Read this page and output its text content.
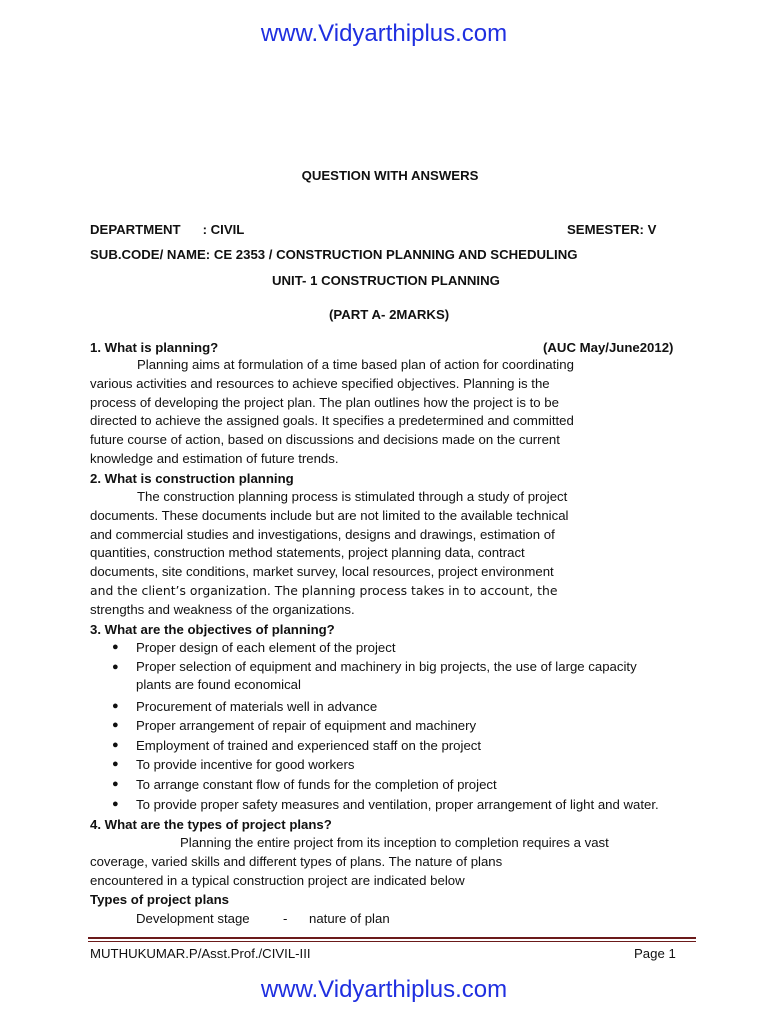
www.Vidyarthiplus.com
QUESTION WITH ANSWERS
DEPARTMENT      : CIVIL	SEMESTER: V
SUB.CODE/ NAME: CE 2353 / CONSTRUCTION PLANNING AND SCHEDULING
UNIT- 1 CONSTRUCTION PLANNING
(PART A- 2MARKS)
1. What is planning?	(AUC May/June2012)
Planning aims at formulation of a time based plan of action for coordinating
various activities and resources to achieve specified objectives. Planning is the
process of developing the project plan. The plan outlines how the project is to be
directed to achieve the assigned goals. It specifies a predetermined and committed
future course of action, based on discussions and decisions made on the current
knowledge and estimation of future trends.
2. What is construction planning
The construction planning process is stimulated through a study of project
documents. These documents include but are not limited to the available technical
and commercial studies and investigations, designs and drawings, estimation of
quantities, construction method statements, project planning data, contract
documents, site conditions, market survey, local resources, project environment
and the client’s organization. The planning process takes in to account, the
strengths and weakness of the organizations.
3. What are the objectives of planning?
● Proper design of each element of the project
● Proper selection of equipment and machinery in big projects, the use of large capacity
plants are found economical
● Procurement of materials well in advance
● Proper arrangement of repair of equipment and machinery
● Employment of trained and experienced staff on the project
● To provide incentive for good workers
● To arrange constant flow of funds for the completion of project
● To provide proper safety measures and ventilation, proper arrangement of light and water.
4. What are the types of project plans?
Planning the entire project from its inception to completion requires a vast
coverage, varied skills and different types of plans. The nature of plans
encountered in a typical construction project are indicated below
Types of project plans
Development stage	- nature of plan
MUTHUKUMAR.P/Asst.Prof./CIVIL-III	Page 1
www.Vidyarthiplus.com
